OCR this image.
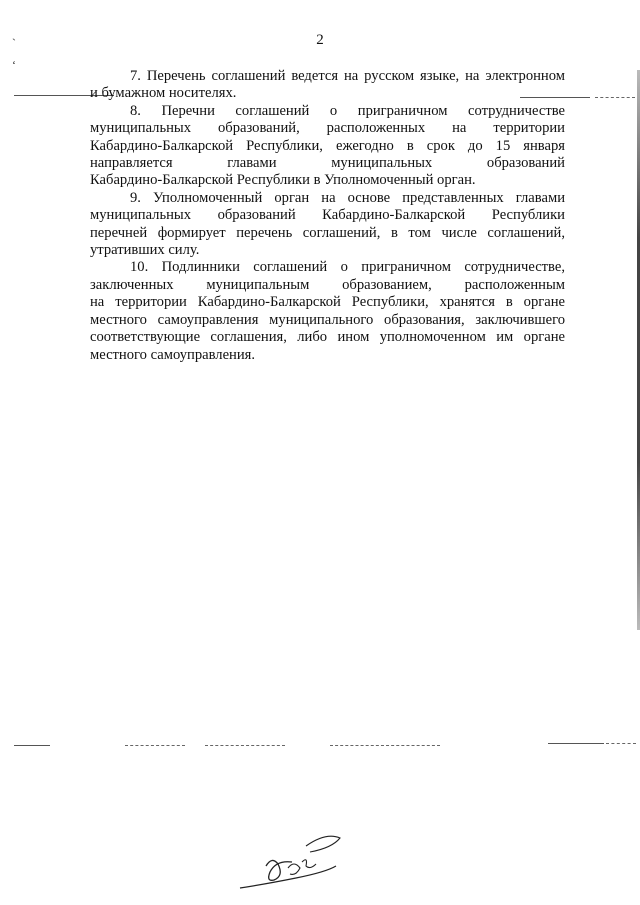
2
`
ʻ
7. Перечень соглашений ведется на русском языке, на электронном
и бумажном носителях.
8. Перечни соглашений о приграничном сотрудничестве
муниципальных образований, расположенных на территории
Кабардино-Балкарской Республики, ежегодно в срок до 15 января
направляется главами муниципальных образований
Кабардино-Балкарской Республики в Уполномоченный орган.
9. Уполномоченный орган на основе представленных главами
муниципальных образований Кабардино-Балкарской Республики
перечней формирует перечень соглашений, в том числе соглашений,
утративших силу.
10. Подлинники соглашений о приграничном сотрудничестве,
заключенных муниципальным образованием, расположенным
на территории Кабардино-Балкарской Республики, хранятся в органе
местного самоуправления муниципального образования, заключившего
соответствующие соглашения, либо ином уполномоченном им органе
местного самоуправления.
